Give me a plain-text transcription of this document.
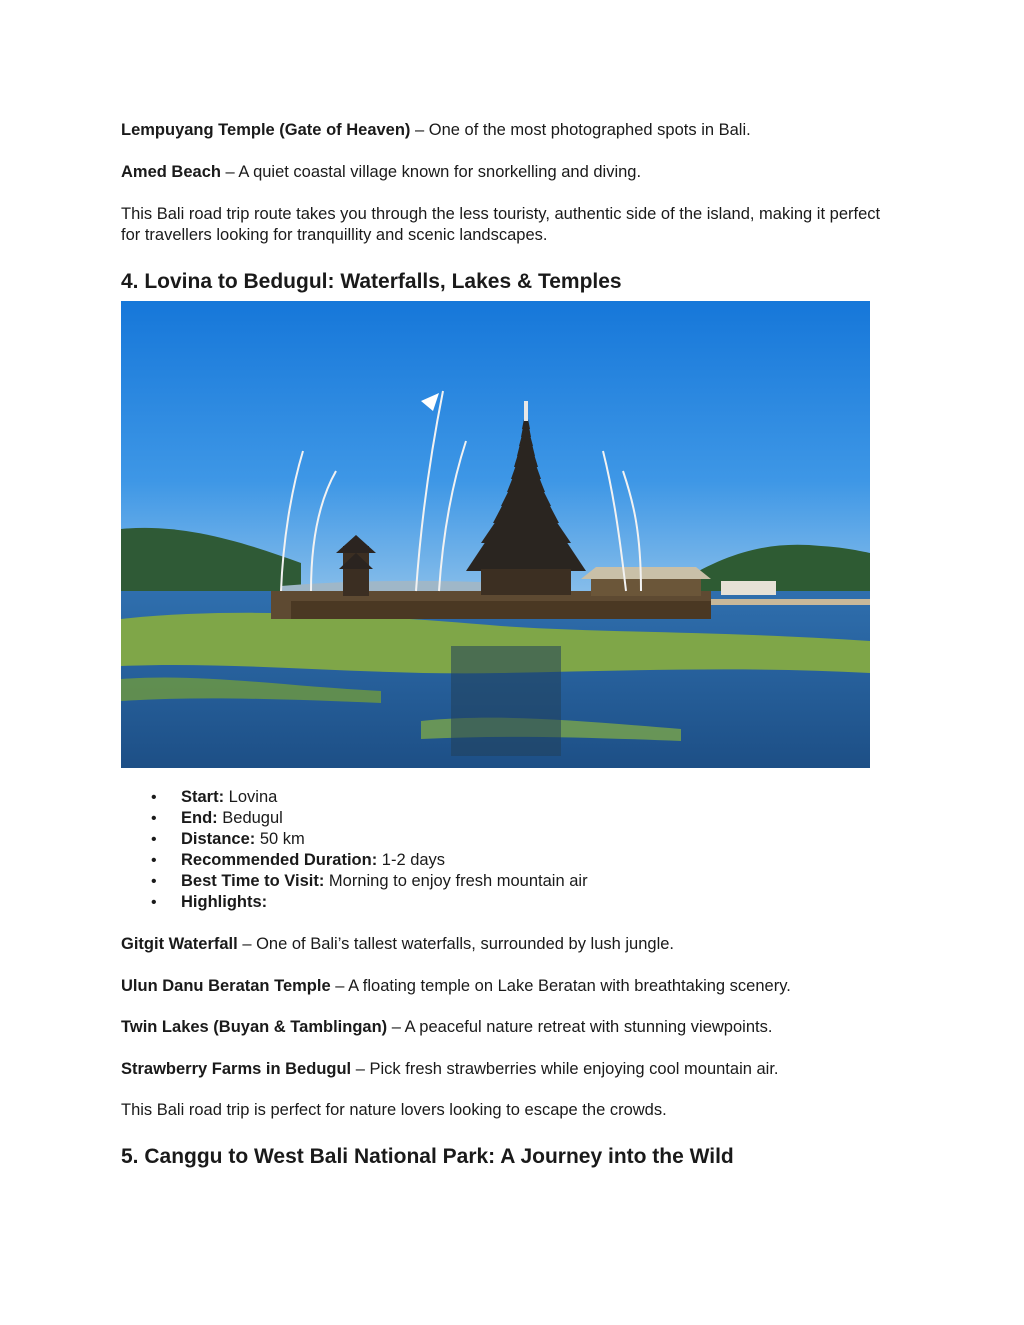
Lempuyang Temple (Gate of Heaven) – One of the most photographed spots in Bali.

Amed Beach – A quiet coastal village known for snorkelling and diving.

This Bali road trip route takes you through the less touristy, authentic side of the island, making it perfect for travellers looking for tranquillity and scenic landscapes.

4. Lovina to Bedugul: Waterfalls, Lakes & Temples
• Start: Lovina
• End: Bedugul
• Distance: 50 km
• Recommended Duration: 1-2 days
• Best Time to Visit: Morning to enjoy fresh mountain air
• Highlights:

Gitgit Waterfall – One of Bali’s tallest waterfalls, surrounded by lush jungle.

Ulun Danu Beratan Temple – A floating temple on Lake Beratan with breathtaking scenery.

Twin Lakes (Buyan & Tamblingan) – A peaceful nature retreat with stunning viewpoints.

Strawberry Farms in Bedugul – Pick fresh strawberries while enjoying cool mountain air.

This Bali road trip is perfect for nature lovers looking to escape the crowds.

5. Canggu to West Bali National Park: A Journey into the Wild
